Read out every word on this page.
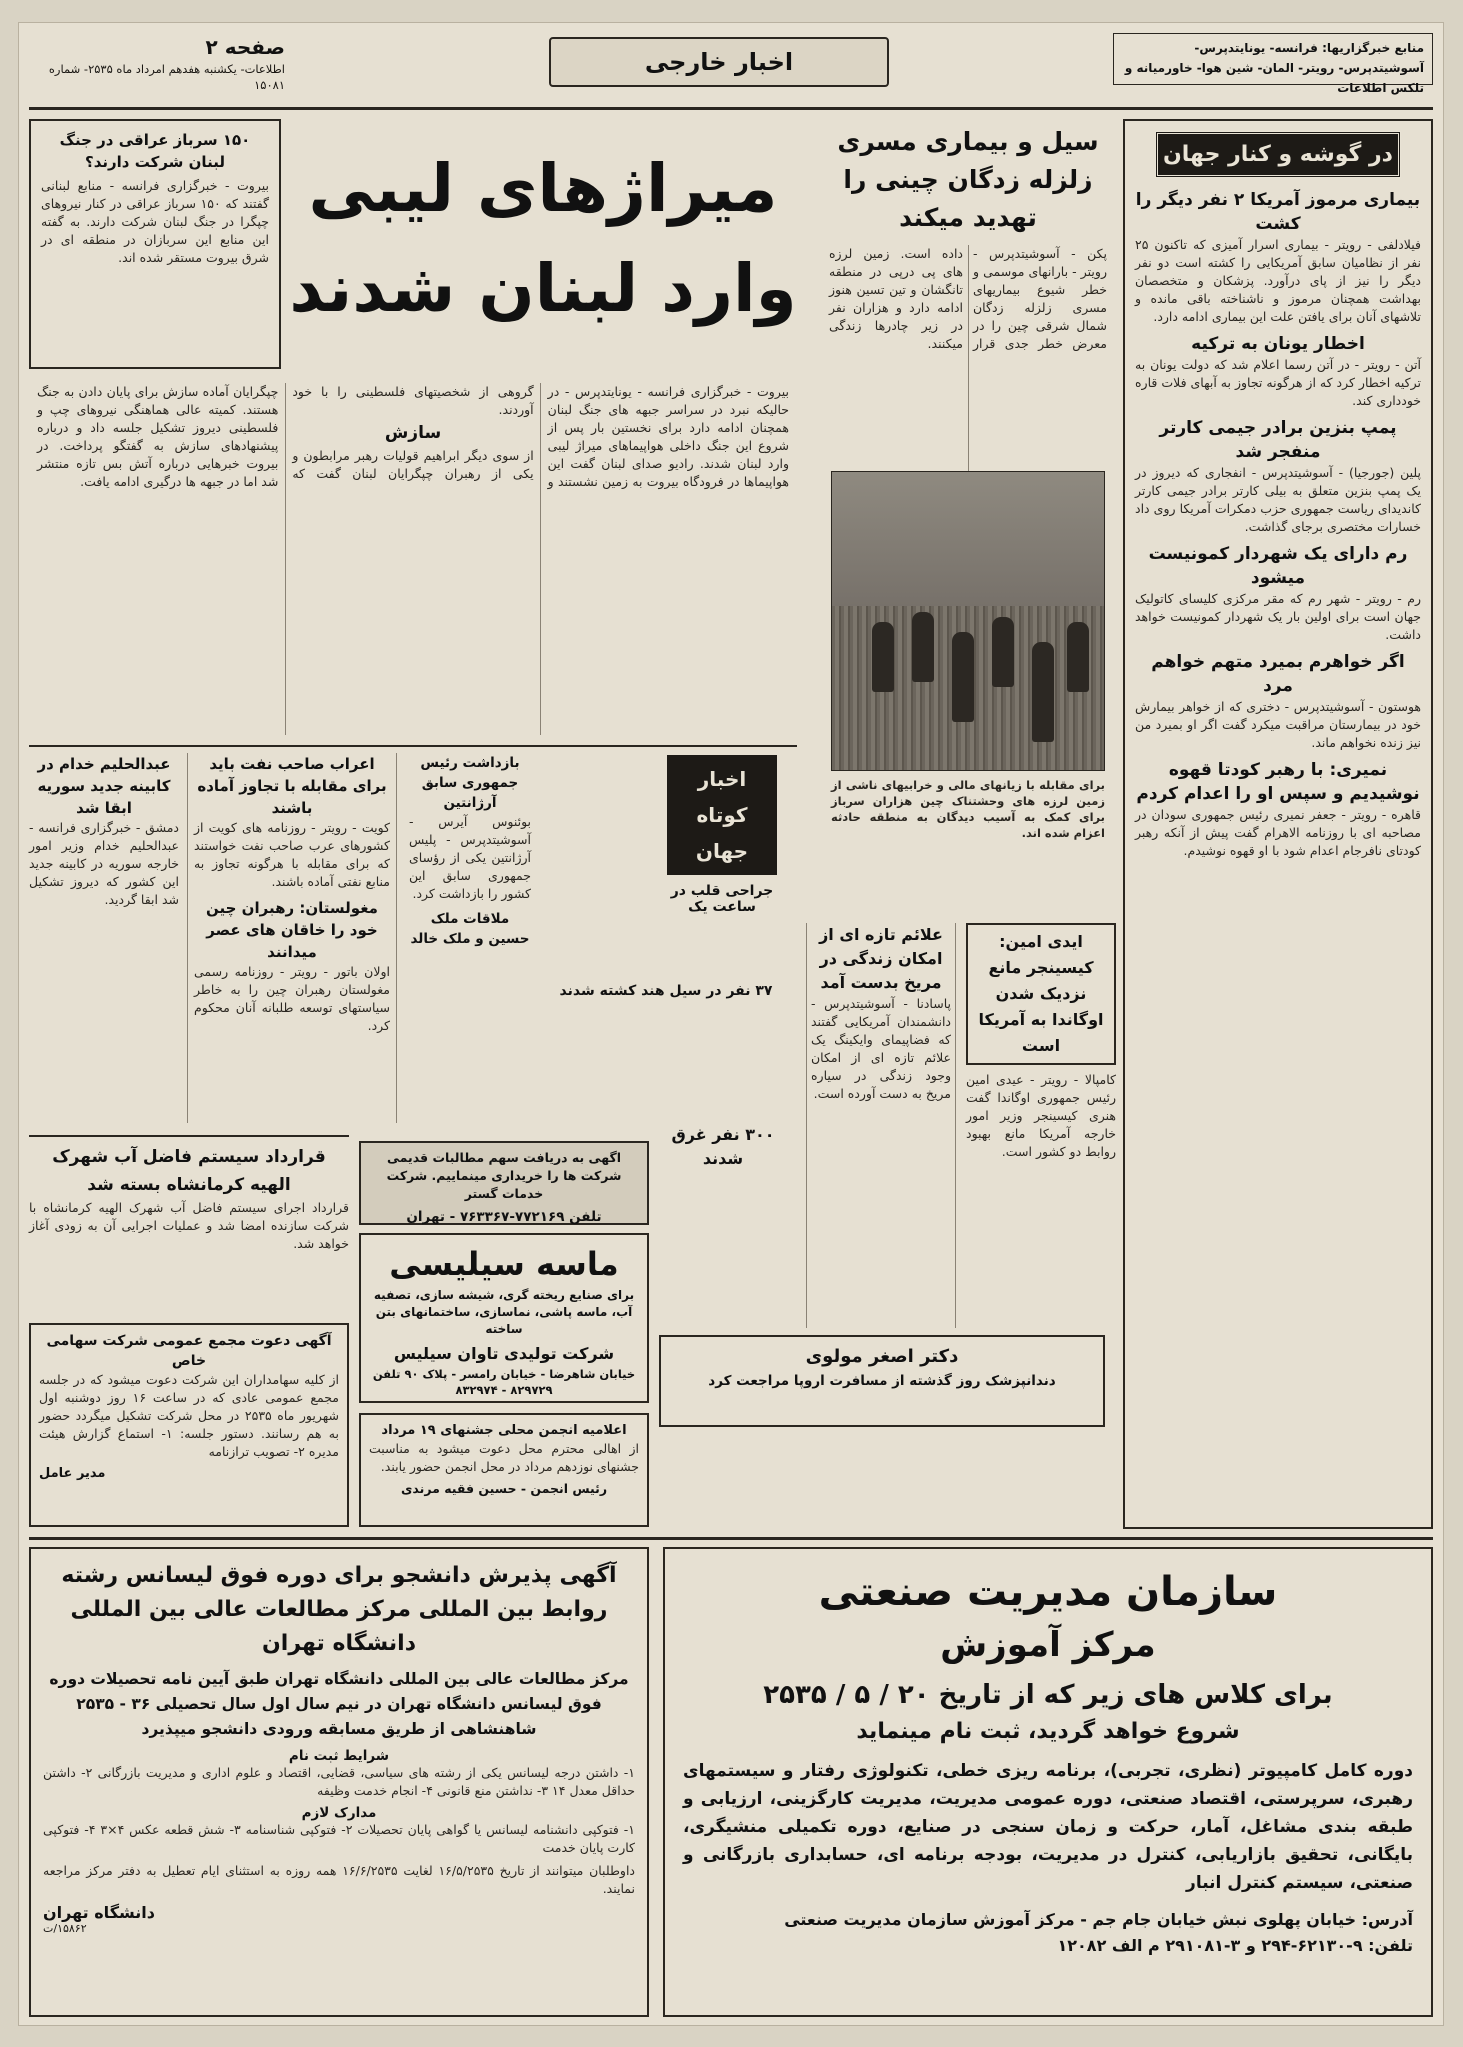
منابع خبرگزاریها: فرانسه- یونایتدپرس- آسوشیتدپرس- رویتر- المان- شین هوا- خاورمیانه و تلکس اطلاعات
اخبار خارجی
صفحه ۲
اطلاعات- یکشنبه هفدهم امرداد ماه ۲۵۳۵- شماره ۱۵۰۸۱
در گوشه و کنار جهان
بیماری مرموز آمریکا ۲ نفر دیگر را کشت

فیلادلفی - رویتر - بیماری اسرار آمیزی که تاکنون ۲۵ نفر از نظامیان سابق آمریکایی را کشته است دو نفر دیگر را نیز از پای درآورد. پزشکان و متخصصان بهداشت همچنان مرموز و ناشناخته باقی مانده و تلاشهای آنان برای یافتن علت این بیماری ادامه دارد.

اخطار یونان به ترکیه

آتن - رویتر - در آتن رسما اعلام شد که دولت یونان به ترکیه اخطار کرد که از هرگونه تجاوز به آبهای فلات قاره خودداری کند.

پمپ بنزین برادر جیمی کارتر منفجر شد

پلین (جورجیا) - آسوشیتدپرس - انفجاری که دیروز در یک پمپ بنزین متعلق به بیلی کارتر برادر جیمی کارتر کاندیدای ریاست جمهوری حزب دمکرات آمریکا روی داد خسارات مختصری برجای گذاشت.

رم دارای یک شهردار کمونیست میشود

رم - رویتر - شهر رم که مقر مرکزی کلیسای کاتولیک جهان است برای اولین بار یک شهردار کمونیست خواهد داشت.

اگر خواهرم بمیرد متهم خواهم مرد

هوستون - آسوشیتدپرس - دختری که از خواهر بیمارش خود در بیمارستان مراقبت میکرد گفت اگر او بمیرد من نیز زنده نخواهم ماند.

نمیری: با رهبر کودتا قهوه نوشیدیم و سپس او را اعدام کردم

قاهره - رویتر - جعفر نمیری رئیس جمهوری سودان در مصاحبه ای با روزنامه الاهرام گفت پیش از آنکه رهبر کودتای نافرجام اعدام شود با او قهوه نوشیدم.

سیل و بیماری مسری زلزله زدگان چینی را تهدید میکند

پکن - آسوشیتدپرس - رویتر - بارانهای موسمی و خطر شیوع بیماریهای مسری زلزله زدگان شمال شرقی چین را در معرض خطر جدی قرار داده است. زمین لرزه های پی درپی در منطقه تانگشان و تین تسین هنوز ادامه دارد و هزاران نفر در زیر چادرها زندگی میکنند.

برای مقابله با زیانهای مالی و خرابیهای ناشی از زمین لرزه های وحشتناک چین هزاران سرباز برای کمک به آسیب دیدگان به منطقه حادثه اعزام شده اند.

میراژهای لیبی وارد لبنان شدند
۱۵۰ سرباز عراقی در جنگ لبنان شرکت دارند؟

بیروت - خبرگزاری فرانسه - منابع لبنانی گفتند که ۱۵۰ سرباز عراقی در کنار نیروهای چپگرا در جنگ لبنان شرکت دارند. به گفته این منابع این سربازان در منطقه ای در شرق بیروت مستقر شده اند.

بیروت - خبرگزاری فرانسه - یونایتدپرس - در حالیکه نبرد در سراسر جبهه های جنگ لبنان همچنان ادامه دارد برای نخستین بار پس از شروع این جنگ داخلی هواپیماهای میراژ لیبی وارد لبنان شدند. رادیو صدای لبنان گفت این هواپیماها در فرودگاه بیروت به زمین نشستند و گروهی از شخصیتهای فلسطینی را با خود آوردند.

سازش

از سوی دیگر ابراهیم قولیات رهبر مرابطون و یکی از رهبران چپگرایان لبنان گفت که چپگرایان آماده سازش برای پایان دادن به جنگ هستند. کمیته عالی هماهنگی نیروهای چپ و فلسطینی دیروز تشکیل جلسه داد و درباره پیشنهادهای سازش به گفتگو پرداخت. در بیروت خبرهایی درباره آتش بس تازه منتشر شد اما در جبهه ها درگیری ادامه یافت.

عبدالحلیم خدام در کابینه جدید سوریه ابقا شد

دمشق - خبرگزاری فرانسه - عبدالحلیم خدام وزیر امور خارجه سوریه در کابینه جدید این کشور که دیروز تشکیل شد ابقا گردید.

اعراب صاحب نفت باید برای مقابله با تجاوز آماده باشند

کویت - رویتر - روزنامه های کویت از کشورهای عرب صاحب نفت خواستند که برای مقابله با هرگونه تجاوز به منابع نفتی آماده باشند.

مغولستان: رهبران چین خود را خاقان های عصر میدانند

اولان باتور - رویتر - روزنامه رسمی مغولستان رهبران چین را به خاطر سیاستهای توسعه طلبانه آنان محکوم کرد.

بازداشت رئیس جمهوری سابق آرژانتین

بوئنوس آیرس - آسوشیتدپرس - پلیس آرژانتین یکی از رؤسای جمهوری سابق این کشور را بازداشت کرد.

ملاقات ملک حسین و ملک خالد
اخبار کوتاه جهان
جراحی قلب در ساعت یک
۳۷ نفر در سیل هند کشته شدند
ایدی امین: کیسینجر مانع نزدیک شدن اوگاندا به آمریکا است

کامپالا - رویتر - عیدی امین رئیس جمهوری اوگاندا گفت هنری کیسینجر وزیر امور خارجه آمریکا مانع بهبود روابط دو کشور است.

علائم تازه ای از امکان زندگی در مریخ بدست آمد

پاسادنا - آسوشیتدپرس - دانشمندان آمریکایی گفتند که فضاپیمای وایکینگ یک علائم تازه ای از امکان وجود زندگی در سیاره مریخ به دست آورده است.

۳۰۰ نفر غرق شدند
قرارداد سیستم فاضل آب شهرک الهیه کرمانشاه بسته شد

قرارداد اجرای سیستم فاضل آب شهرک الهیه کرمانشاه با شرکت سازنده امضا شد و عملیات اجرایی آن به زودی آغاز خواهد شد.

اگهی به دریافت سهم مطالبات قدیمی شرکت ها را خریداری مینماییم. شرکت خدمات گستر
تلفن ۷۷۲۱۶۹-۷۶۳۳۶۷ - تهران
ماسه سیلیسی
برای صنایع ریخته گری، شیشه سازی، تصفیه آب، ماسه پاشی، نماسازی، ساختمانهای بتن ساخته
شرکت تولیدی تاوان سیلیس
خیابان شاهرضا - خیابان رامسر - پلاک ۹۰ تلفن ۸۲۹۷۲۹ - ۸۳۲۹۷۴
آگهی دعوت مجمع عمومی شرکت سهامی خاص

از کلیه سهامداران این شرکت دعوت میشود که در جلسه مجمع عمومی عادی که در ساعت ۱۶ روز دوشنبه اول شهریور ماه ۲۵۳۵ در محل شرکت تشکیل میگردد حضور به هم رسانند. دستور جلسه: ۱- استماع گزارش هیئت مدیره ۲- تصویب ترازنامه

مدیر عامل
اعلامیه انجمن محلی جشنهای ۱۹ مرداد

از اهالی محترم محل دعوت میشود به مناسبت جشنهای نوزدهم مرداد در محل انجمن حضور یابند.

رئیس انجمن - حسین فقیه مرندی
دکتر اصغر مولوی
دندانپزشک روز گذشته از مسافرت اروپا مراجعت کرد
آگهی پذیرش دانشجو برای دوره فوق لیسانس رشته روابط بین المللی مرکز مطالعات عالی بین المللی دانشگاه تهران
مرکز مطالعات عالی بین المللی دانشگاه تهران طبق آیین نامه تحصیلات دوره فوق لیسانس دانشگاه تهران در نیم سال اول سال تحصیلی ۳۶ - ۲۵۳۵ شاهنشاهی از طریق مسابقه ورودی دانشجو میپذیرد
شرایط ثبت نام

۱- داشتن درجه لیسانس یکی از رشته های سیاسی، قضایی، اقتصاد و علوم اداری و مدیریت بازرگانی ۲- داشتن حداقل معدل ۱۴ ۳- نداشتن منع قانونی ۴- انجام خدمت وظیفه

مدارک لازم

۱- فتوکپی دانشنامه لیسانس یا گواهی پایان تحصیلات ۲- فتوکپی شناسنامه ۳- شش قطعه عکس ۴×۳ ۴- فتوکپی کارت پایان خدمت

داوطلبان میتوانند از تاریخ ۱۶/۵/۲۵۳۵ لغایت ۱۶/۶/۲۵۳۵ همه روزه به استثنای ایام تعطیل به دفتر مرکز مراجعه نمایند.

دانشگاه تهران
۱۵۸۶۲/ت
سازمان مدیریت صنعتی
مرکز آموزش
برای کلاس های زیر که از تاریخ ۲۰ / ۵ / ۲۵۳۵
شروع خواهد گردید، ثبت نام مینماید
دوره کامل کامپیوتر (نظری، تجربی)، برنامه ریزی خطی، تکنولوژی رفتار و سیستمهای رهبری، سرپرستی، اقتصاد صنعتی، دوره عمومی مدیریت، مدیریت کارگزینی، ارزیابی و طبقه بندی مشاغل، آمار، حرکت و زمان سنجی در صنایع، دوره تکمیلی منشیگری، بایگانی، تحقیق بازاریابی، کنترل در مدیریت، بودجه برنامه ای، حسابداری بازرگانی و صنعتی، سیستم کنترل انبار
آدرس: خیابان پهلوی نبش خیابان جام جم - مرکز آموزش سازمان مدیریت صنعتی
تلفن: ۹-۶۲۱۳۰-۲۹۴ و ۳-۲۹۱۰۸۱ م الف ۱۲۰۸۲
